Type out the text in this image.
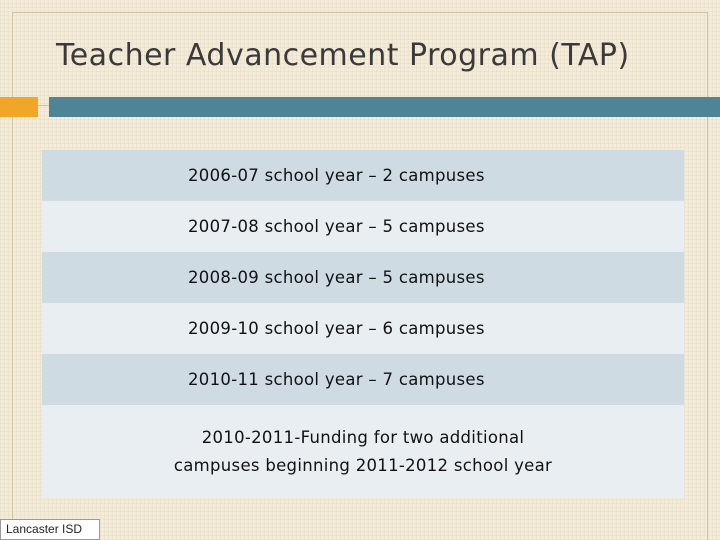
Teacher Advancement Program (TAP)
2006-07 school year – 2 campuses
2007-08 school year – 5 campuses
2008-09 school year – 5 campuses
2009-10 school year – 6 campuses
2010-11 school year – 7 campuses
2010-2011-Funding for two additional
campuses beginning 2011-2012 school year
Lancaster ISD
